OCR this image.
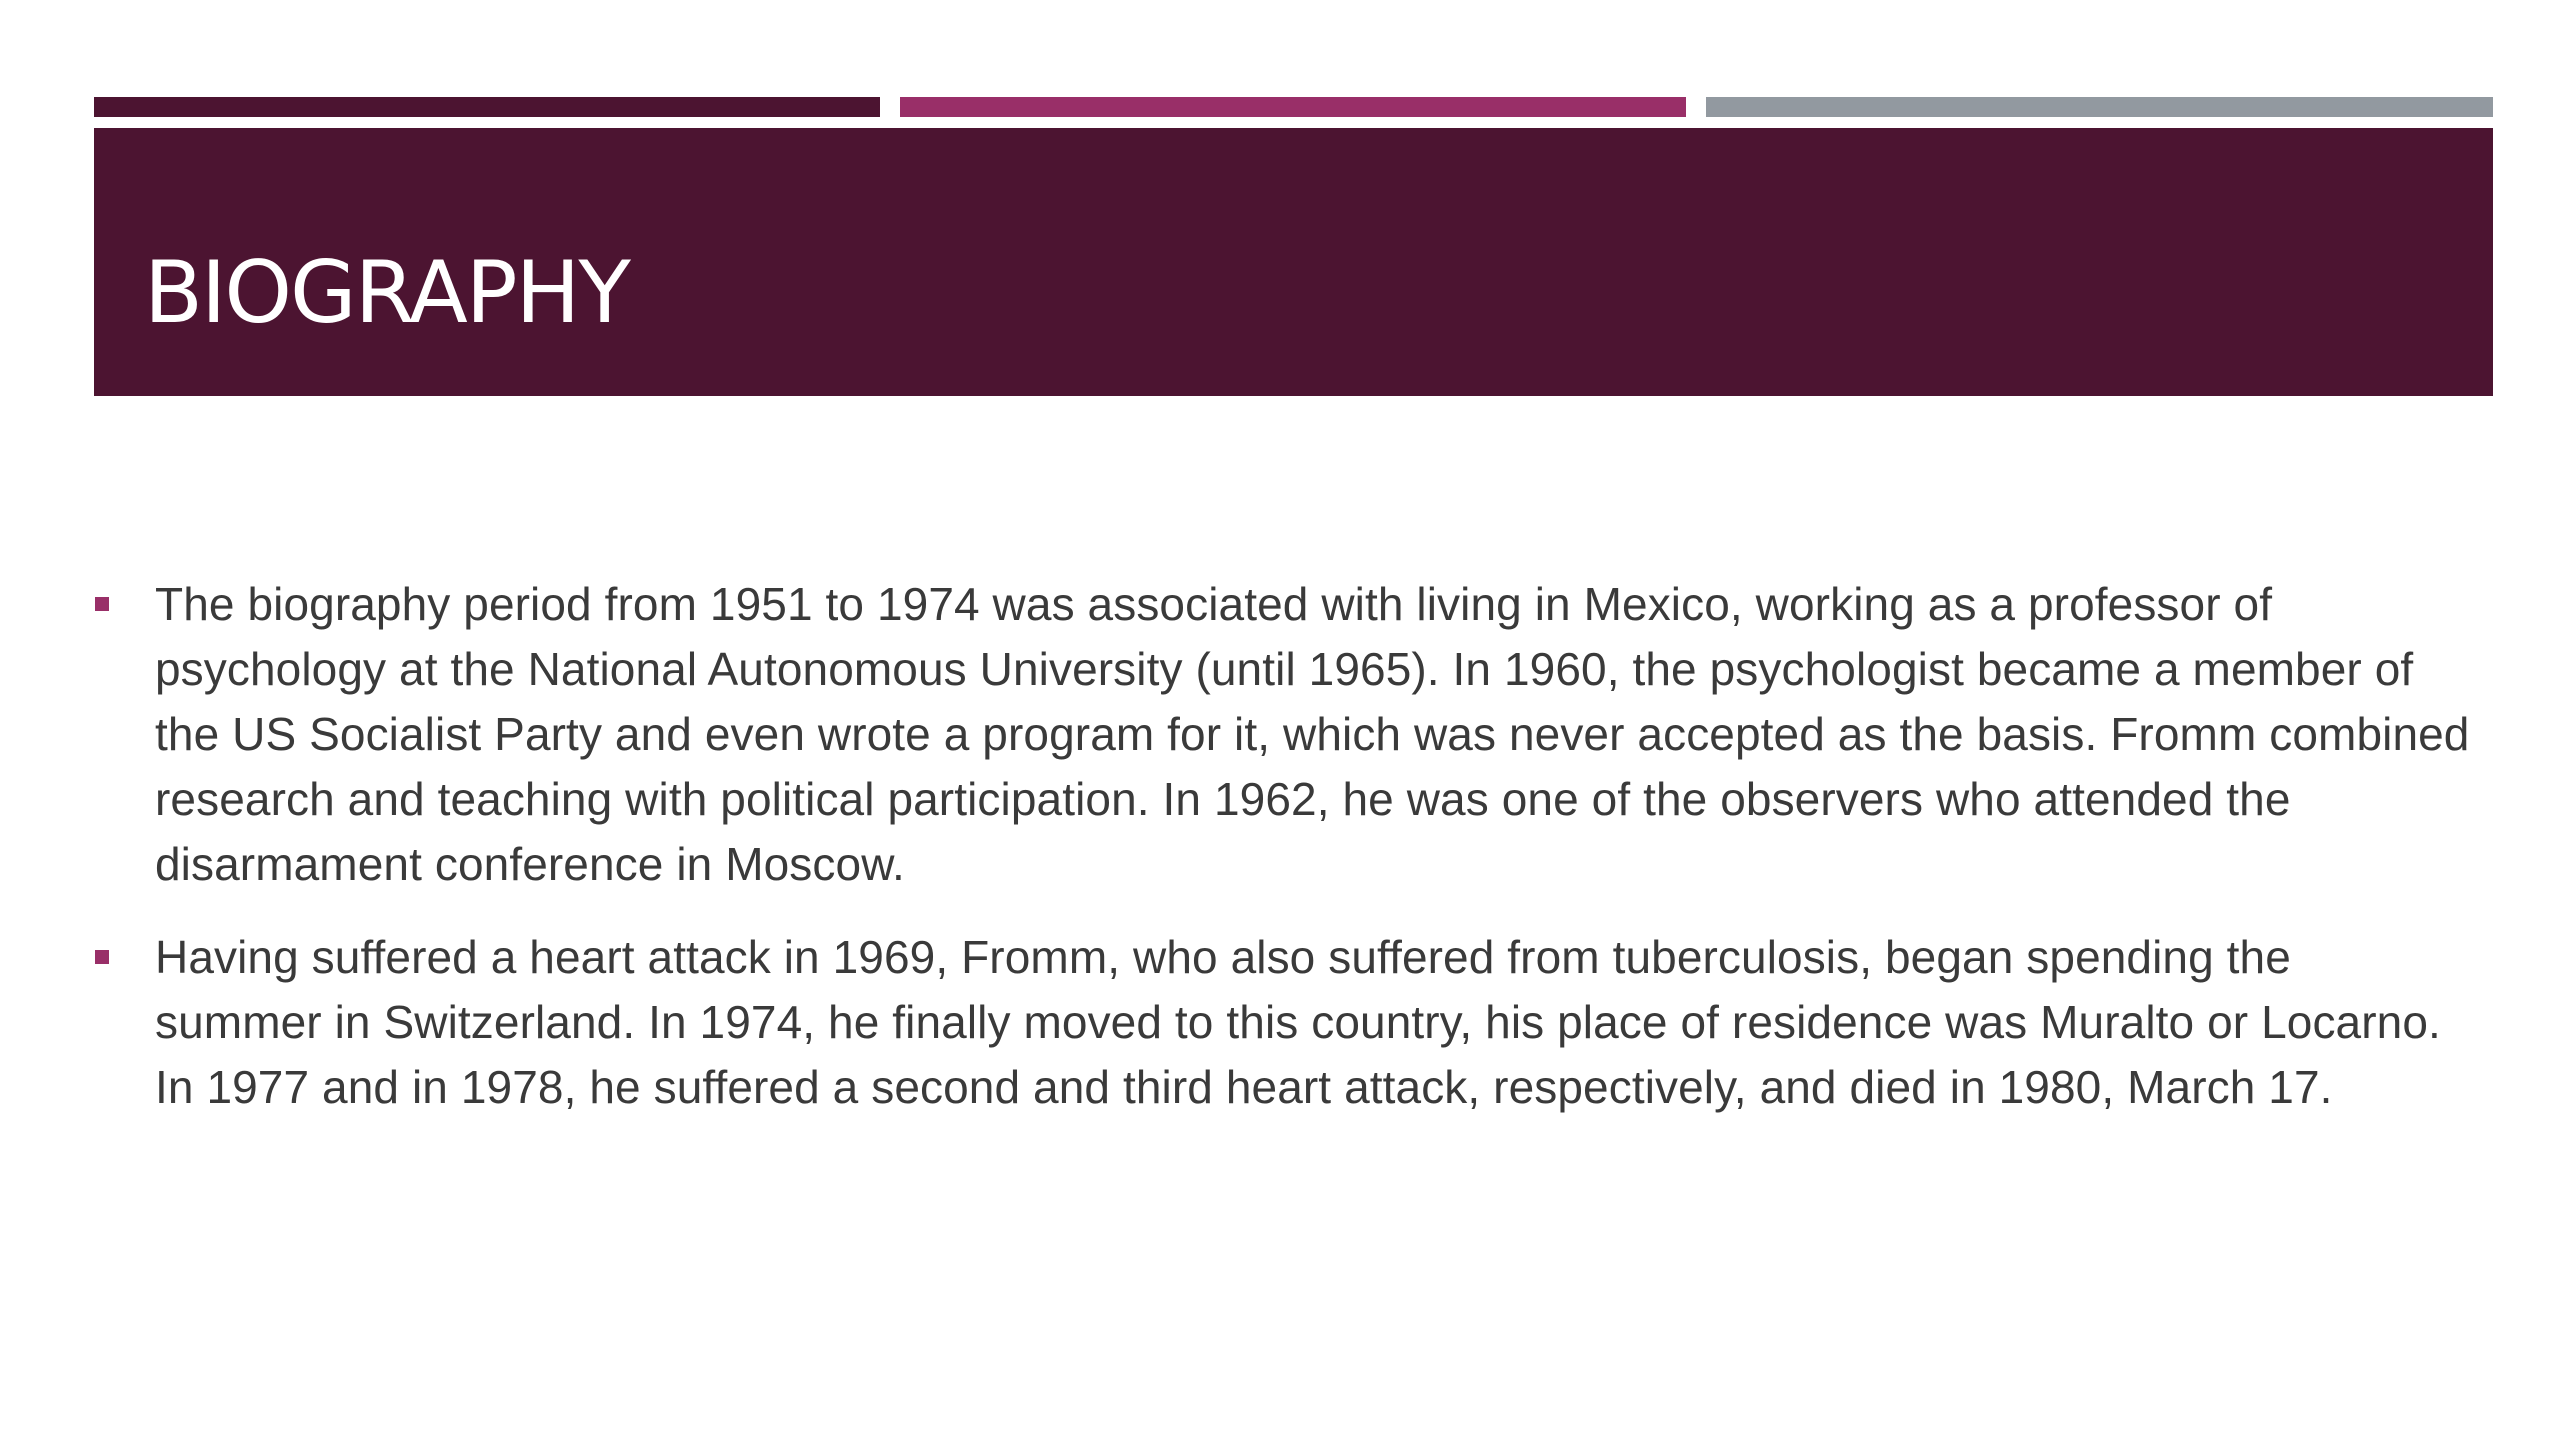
BIOGRAPHY
The biography period from 1951 to 1974 was associated with living in Mexico, working as a professor of psychology at the National Autonomous University (until 1965). In 1960, the psychologist became a member of the US Socialist Party and even wrote a program for it, which was never accepted as the basis. Fromm combined research and teaching with political participation. In 1962, he was one of the observers who attended the disarmament conference in Moscow.
Having suffered a heart attack in 1969, Fromm, who also suffered from tuberculosis, began spending the summer in Switzerland. In 1974, he finally moved to this country, his place of residence was Muralto or Locarno. In 1977 and in 1978, he suffered a second and third heart attack, respectively, and died in 1980, March 17.
